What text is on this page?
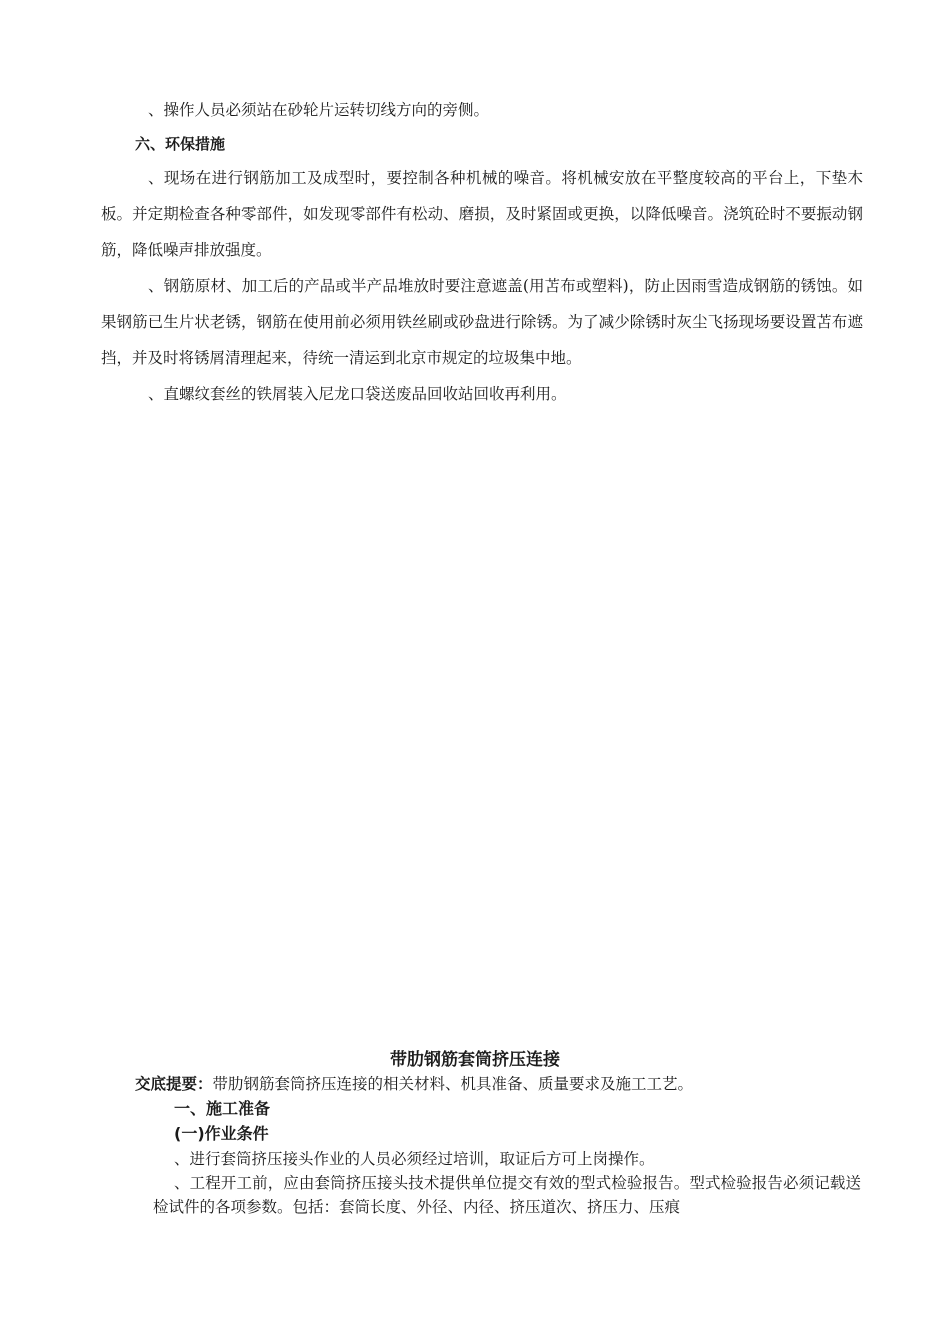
、操作人员必须站在砂轮片运转切线方向的旁侧。

六、环保措施

、现场在进行钢筋加工及成型时，要控制各种机械的噪音。将机械安放在平整度较高的平台上，下垫木板。并定期检查各种零部件，如发现零部件有松动、磨损，及时紧固或更换，以降低噪音。浇筑砼时不要振动钢筋，降低噪声排放强度。

、钢筋原材、加工后的产品或半产品堆放时要注意遮盖(用苫布或塑料)，防止因雨雪造成钢筋的锈蚀。如果钢筋已生片状老锈，钢筋在使用前必须用铁丝刷或砂盘进行除锈。为了减少除锈时灰尘飞扬现场要设置苫布遮挡，并及时将锈屑清理起来，待统一清运到北京市规定的垃圾集中地。

、直螺纹套丝的铁屑装入尼龙口袋送废品回收站回收再利用。

带肋钢筋套筒挤压连接

交底提要：带肋钢筋套筒挤压连接的相关材料、机具准备、质量要求及施工工艺。

一、施工准备

(一)作业条件

、进行套筒挤压接头作业的人员必须经过培训，取证后方可上岗操作。

、工程开工前，应由套筒挤压接头技术提供单位提交有效的型式检验报告。型式检验报告必须记载送检试件的各项参数。包括：套筒长度、外径、内径、挤压道次、挤压力、压痕
